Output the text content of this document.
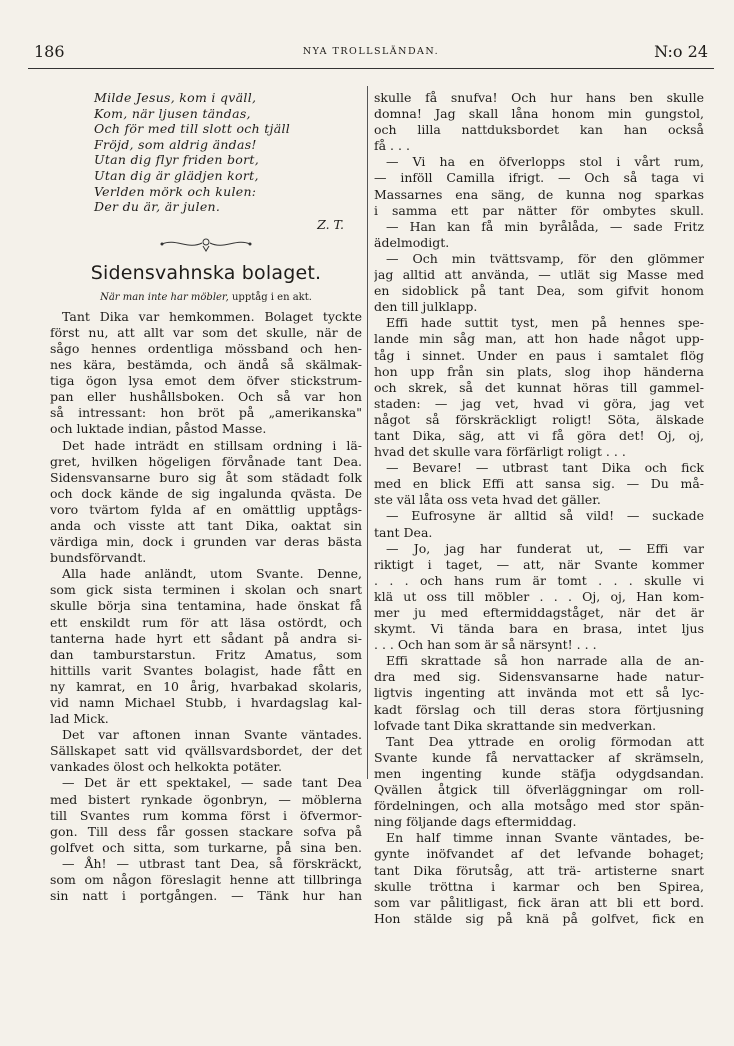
186	NYA TROLLSLÄNDAN.	N:o 24
Milde Jesus, kom i qväll,
Kom, när ljusen tändas,
Och för med till slott och tjäll
Fröjd, som aldrig ändas!
Utan dig flyr friden bort,
Utan dig är glädjen kort,
Verlden mörk och kulen:
Der du är, är julen.
Z. T.
Sidensvahnska bolaget.
När man inte har möbler, upptåg i en akt.
Tant Dika var hemkommen. Bolaget tyckte
först nu, att allt var som det skulle, när de
sågo hennes ordentliga mössband och hen-
nes kära, bestämda, och ändå så skälmak-
tiga ögon lysa emot dem öfver stickstrum-
pan eller hushållsboken. Och så var hon
så intressant: hon bröt på „amerikanska"
och luktade indian, påstod Masse.
Det hade inträdt en stillsam ordning i lä-
gret, hvilken högeligen förvånade tant Dea.
Sidensvansarne buro sig åt som städadt folk
och dock kände de sig ingalunda qvästa. De
voro tvärtom fylda af en omättlig upptågs-
anda och visste att tant Dika, oaktat sin
värdiga min, dock i grunden var deras bästa
bundsförvandt.
Alla hade anländt, utom Svante. Denne,
som gick sista terminen i skolan och snart
skulle börja sina tentamina, hade önskat få
ett enskildt rum för att läsa ostördt, och
tanterna hade hyrt ett sådant på andra si-
dan tamburstarstun. Fritz Amatus, som
hittills varit Svantes bolagist, hade fått en
ny kamrat, en 10 årig, hvarbakad skolaris,
vid namn Michael Stubb, i hvardagslag kal-
lad Mick.
Det var aftonen innan Svante väntades.
Sällskapet satt vid qvällsvardsbordet, der det
vankades ölost och helkokta potäter.
— Det är ett spektakel, — sade tant Dea
med bistert rynkade ögonbryn, — möblerna
till Svantes rum komma först i öfvermor-
gon. Till dess får gossen stackare sofva på
golfvet och sitta, som turkarne, på sina ben.
— Åh! — utbrast tant Dea, så förskräckt,
som om någon föreslagit henne att tillbringa
sin natt i portgången. — Tänk hur han
skulle få snufva! Och hur hans ben skulle
domna! Jag skall låna honom min gungstol,
och lilla nattduksbordet kan han också
få . . .
— Vi ha en öfverlopps stol i vårt rum,
— inföll Camilla ifrigt. — Och så taga vi
Massarnes ena säng, de kunna nog sparkas
i samma ett par nätter för ombytes skull.
— Han kan få min byrålåda, — sade Fritz
ädelmodigt.
— Och min tvättsvamp, för den glömmer
jag alltid att använda, — utlät sig Masse med
en sidoblick på tant Dea, som gifvit honom
den till julklapp.
Effi hade suttit tyst, men på hennes spe-
lande min såg man, att hon hade något upp-
tåg i sinnet. Under en paus i samtalet flög
hon upp från sin plats, slog ihop händerna
och skrek, så det kunnat höras till gammel-
staden: — jag vet, hvad vi göra, jag vet
något så förskräckligt roligt! Söta, älskade
tant Dika, säg, att vi få göra det! Oj, oj,
hvad det skulle vara förfärligt roligt . . .
— Bevare! — utbrast tant Dika och fick
med en blick Effi att sansa sig. — Du må-
ste väl låta oss veta hvad det gäller.
— Eufrosyne är alltid så vild! — suckade
tant Dea.
— Jo, jag har funderat ut, — Effi var
riktigt i taget, — att, när Svante kommer
. . . och hans rum är tomt . . . skulle vi
klä ut oss till möbler . . . Oj, oj, Han kom-
mer ju med eftermiddagståget, när det är
skymt. Vi tända bara en brasa, intet ljus
. . . Och han som är så närsynt! . . .
Effi skrattade så hon narrade alla de an-
dra med sig. Sidensvansarne hade natur-
ligtvis ingenting att invända mot ett så lyc-
kadt förslag och till deras stora förtjusning
lofvade tant Dika skrattande sin medverkan.
Tant Dea yttrade en orolig förmodan att
Svante kunde få nervattacker af skrämseln,
men ingenting kunde stäfja odygdsandan.
Qvällen åtgick till öfverläggningar om roll-
fördelningen, och alla motsågo med stor spän-
ning följande dags eftermiddag.
En half timme innan Svante väntades, be-
gynte inöfvandet af det lefvande bohaget;
tant Dika förutsåg, att trä- artisterne snart
skulle tröttna i karmar och ben Spirea,
som var pålitligast, fick äran att bli ett bord.
Hon stälde sig på knä på golfvet, fick en
